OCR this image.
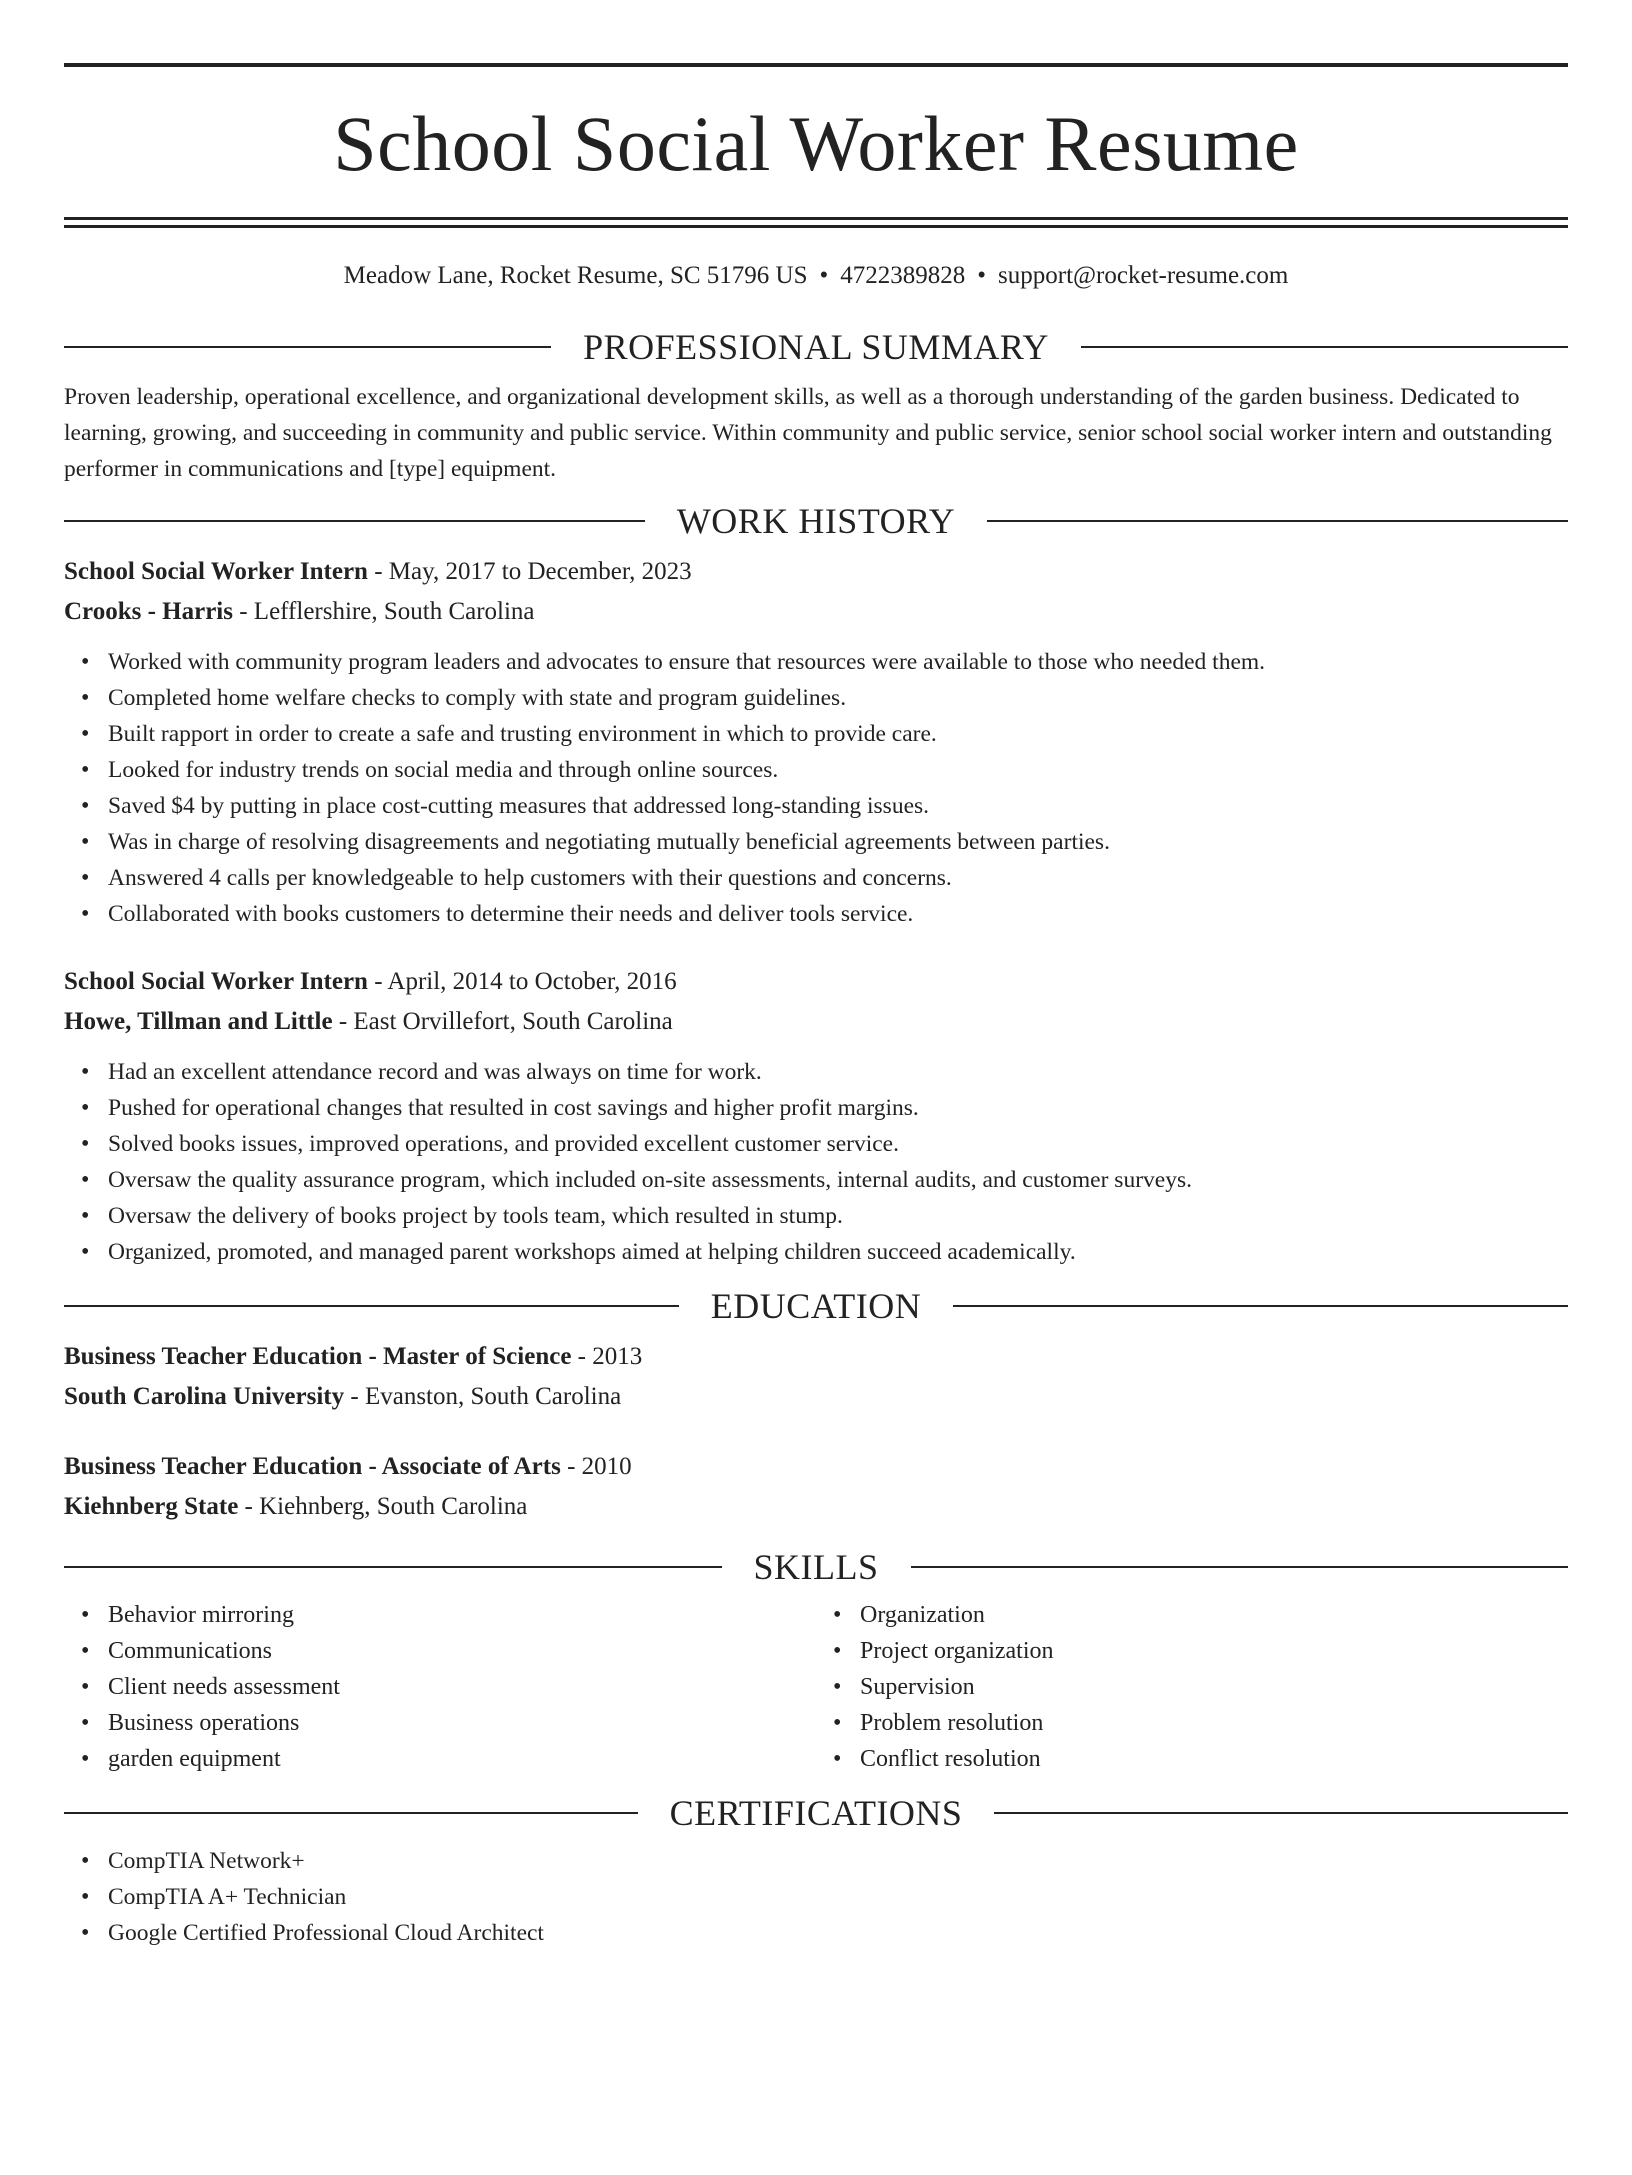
School Social Worker Resume
Meadow Lane, Rocket Resume, SC 51796 US • 4722389828 • support@rocket-resume.com
PROFESSIONAL SUMMARY

Proven leadership, operational excellence, and organizational development skills, as well as a thorough understanding of the garden business. Dedicated to learning, growing, and succeeding in community and public service. Within community and public service, senior school social worker intern and outstanding performer in communications and [type] equipment.

WORK HISTORY
School Social Worker Intern - May, 2017 to December, 2023
Crooks - Harris - Lefflershire, South Carolina
• Worked with community program leaders and advocates to ensure that resources were available to those who needed them.
• Completed home welfare checks to comply with state and program guidelines.
• Built rapport in order to create a safe and trusting environment in which to provide care.
• Looked for industry trends on social media and through online sources.
• Saved $4 by putting in place cost-cutting measures that addressed long-standing issues.
• Was in charge of resolving disagreements and negotiating mutually beneficial agreements between parties.
• Answered 4 calls per knowledgeable to help customers with their questions and concerns.
• Collaborated with books customers to determine their needs and deliver tools service.
School Social Worker Intern - April, 2014 to October, 2016
Howe, Tillman and Little - East Orvillefort, South Carolina
• Had an excellent attendance record and was always on time for work.
• Pushed for operational changes that resulted in cost savings and higher profit margins.
• Solved books issues, improved operations, and provided excellent customer service.
• Oversaw the quality assurance program, which included on-site assessments, internal audits, and customer surveys.
• Oversaw the delivery of books project by tools team, which resulted in stump.
• Organized, promoted, and managed parent workshops aimed at helping children succeed academically.
EDUCATION
Business Teacher Education - Master of Science - 2013
South Carolina University - Evanston, South Carolina
Business Teacher Education - Associate of Arts - 2010
Kiehnberg State - Kiehnberg, South Carolina
SKILLS
• Behavior mirroring
• Communications
• Client needs assessment
• Business operations
• garden equipment
• Organization
• Project organization
• Supervision
• Problem resolution
• Conflict resolution
CERTIFICATIONS
• CompTIA Network+
• CompTIA A+ Technician
• Google Certified Professional Cloud Architect
